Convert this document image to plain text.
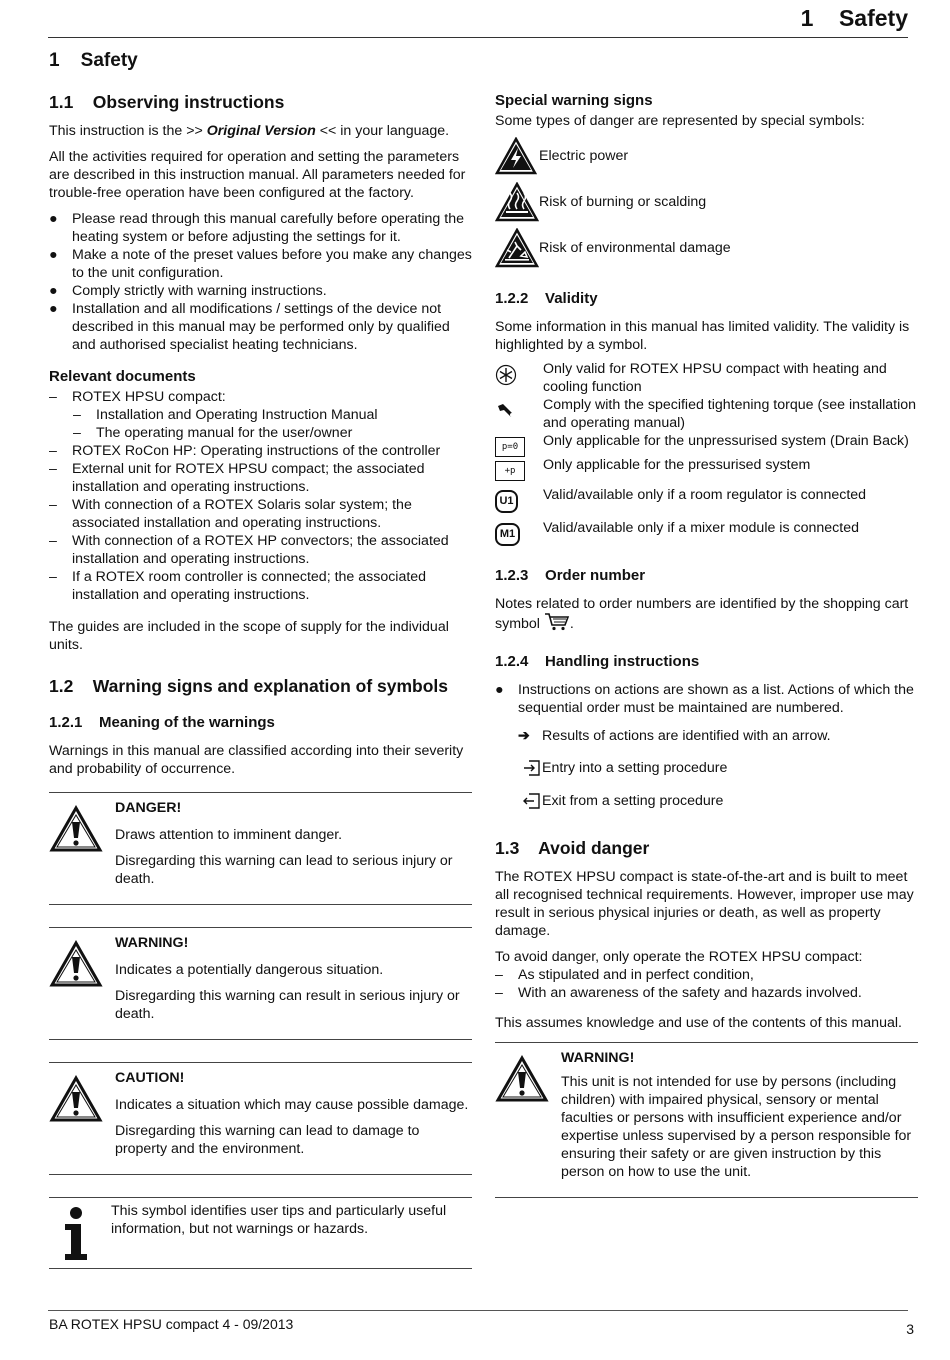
1    Safety
1    Safety
1.1    Observing instructions

This instruction is the >> Original Version << in your language.

All the activities required for operation and setting the parameters are described in this instruction manual. All parameters needed for trouble-free operation have been configured at the factory.

● Please read through this manual carefully before operating the heating system or before adjusting the settings for it.
● Make a note of the preset values before you make any changes to the unit configuration.
● Comply strictly with warning instructions.
● Installation and all modifications / settings of the device not described in this manual may be performed only by qualified and authorised specialist heating technicians.
Relevant documents
– ROTEX HPSU compact:
– Installation and Operating Instruction Manual
– The operating manual for the user/owner
– ROTEX RoCon HP: Operating instructions of the controller
– External unit for ROTEX HPSU compact; the associated installation and operating instructions.
– With connection of a ROTEX Solaris solar system; the associated installation and operating instructions.
– With connection of a ROTEX HP convectors; the associated installation and operating instructions.
– If a ROTEX room controller is connected; the associated installation and operating instructions.

The guides are included in the scope of supply for the individual units.

1.2    Warning signs and explanation of symbols
1.2.1    Meaning of the warnings

Warnings in this manual are classified according into their severity and probability of occurrence.

DANGER!

Draws attention to imminent danger.

Disregarding this warning can lead to serious injury or death.

WARNING!

Indicates a potentially dangerous situation.

Disregarding this warning can result in serious injury or death.

CAUTION!

Indicates a situation which may cause possible damage.

Disregarding this warning can lead to damage to property and the environment.

This symbol identifies user tips and particularly useful information, but not warnings or hazards.

Special warning signs

Some types of danger are represented by special symbols:

Electric power
Risk of burning or scalding
Risk of environmental damage
1.2.2    Validity

Some information in this manual has limited validity. The validity is highlighted by a symbol.

Only valid for ROTEX HPSU compact with heating and cooling function
Comply with the specified tightening torque (see installation and operating manual)
p=0	Only applicable for the unpressurised system (Drain Back)
+p	Only applicable for the pressurised system
U1	Valid/available only if a room regulator is connected
M1	Valid/available only if a mixer module is connected
1.2.3    Order number

Notes related to order numbers are identified by the shopping cart symbol .

1.2.4    Handling instructions
● Instructions on actions are shown as a list. Actions of which the sequential order must be maintained are numbered.
➔ Results of actions are identified with an arrow.
Entry into a setting procedure
Exit from a setting procedure
1.3    Avoid danger

The ROTEX HPSU compact is state-of-the-art and is built to meet all recognised technical requirements. However, improper use may result in serious physical injuries or death, as well as property damage.

To avoid danger, only operate the ROTEX HPSU compact:

– As stipulated and in perfect condition,
– With an awareness of the safety and hazards involved.

This assumes knowledge and use of the contents of this manual.

WARNING!

This unit is not intended for use by persons (including children) with impaired physical, sensory or mental faculties or persons with insufficient experience and/or expertise unless supervised by a person responsible for ensuring their safety or are given instruction by this person on how to use the unit.

BA ROTEX HPSU compact 4 - 09/2013	3
